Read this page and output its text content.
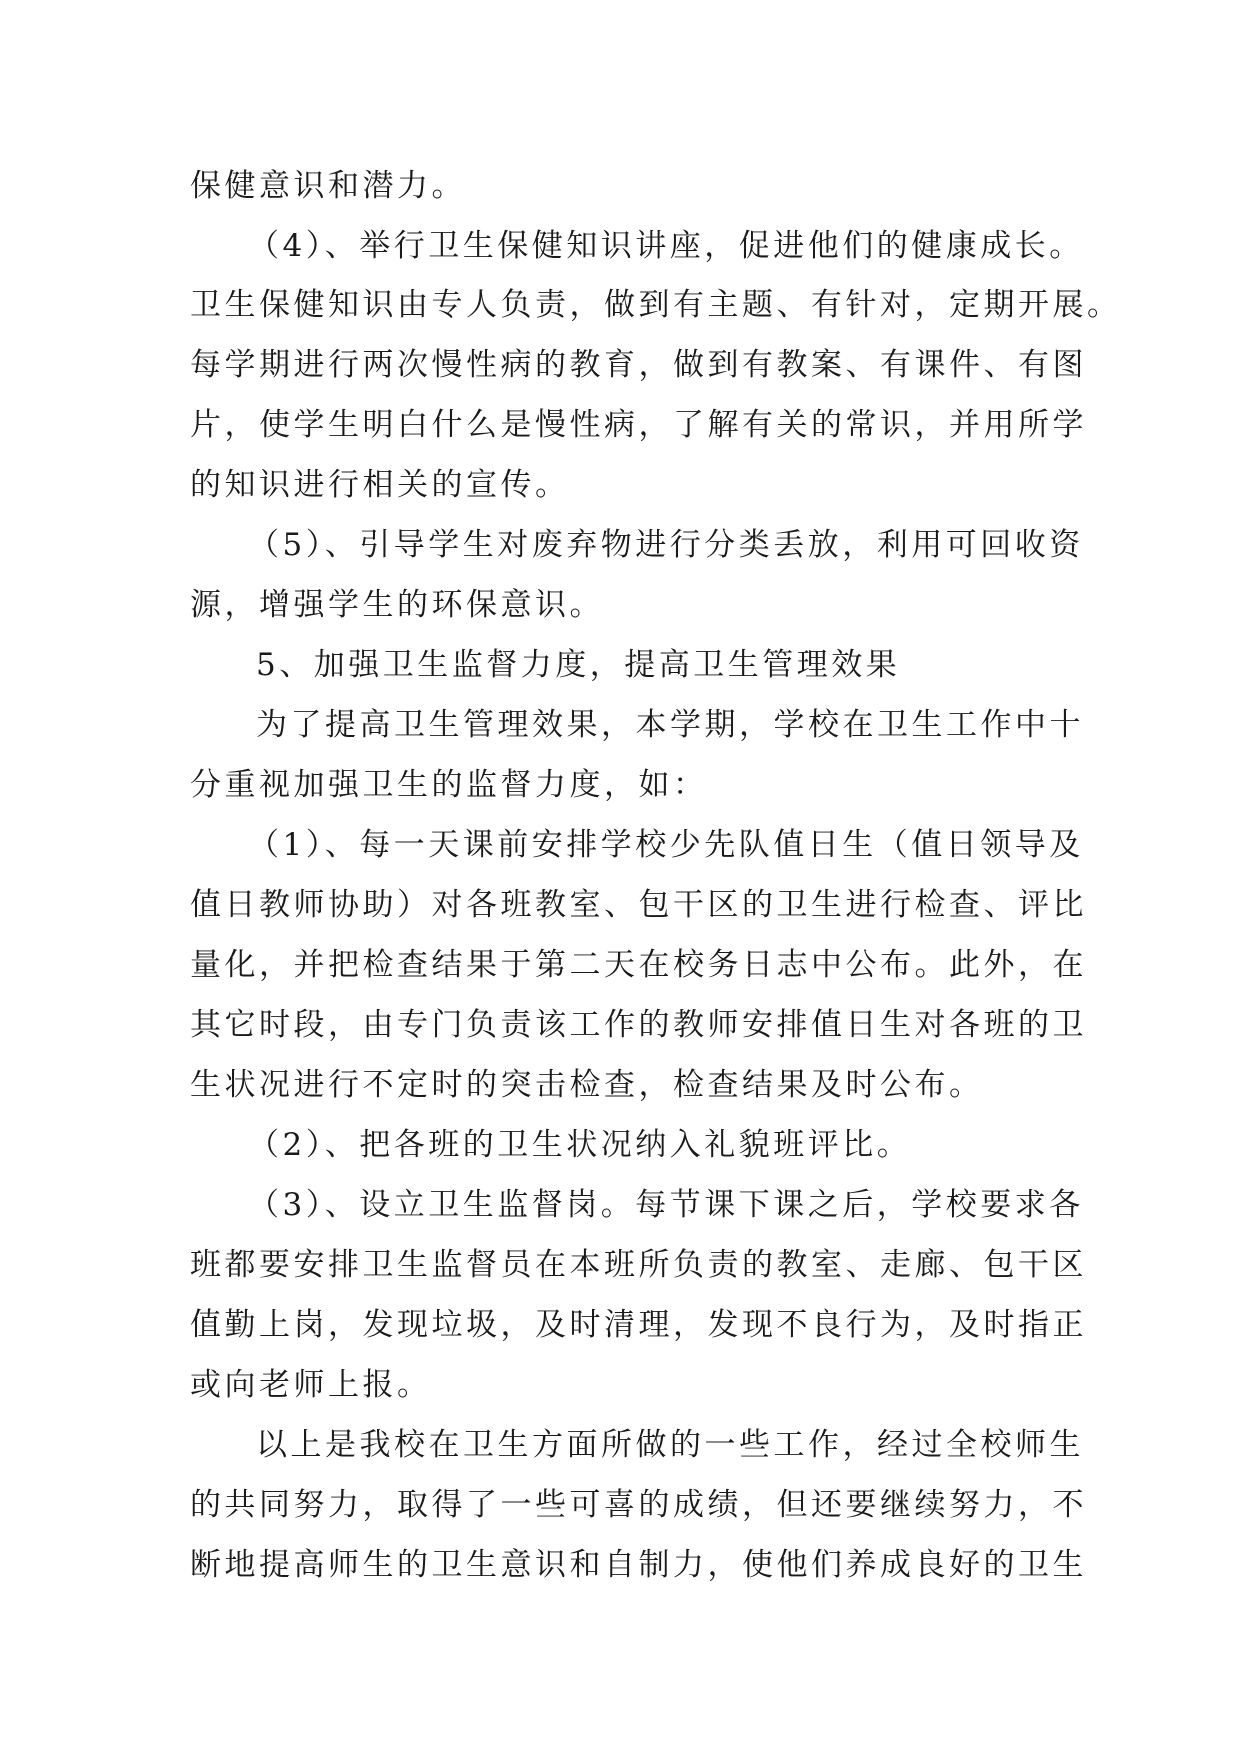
保健意识和潜力。
（4）、举行卫生保健知识讲座，促进他们的健康成长。
卫生保健知识由专人负责，做到有主题、有针对，定期开展。
每学期进行两次慢性病的教育，做到有教案、有课件、有图
片，使学生明白什么是慢性病，了解有关的常识，并用所学
的知识进行相关的宣传。
（5）、引导学生对废弃物进行分类丢放，利用可回收资
源，增强学生的环保意识。
5、加强卫生监督力度，提高卫生管理效果
为了提高卫生管理效果，本学期，学校在卫生工作中十
分重视加强卫生的监督力度，如：
（1）、每一天课前安排学校少先队值日生（值日领导及
值日教师协助）对各班教室、包干区的卫生进行检查、评比
量化，并把检查结果于第二天在校务日志中公布。此外，在
其它时段，由专门负责该工作的教师安排值日生对各班的卫
生状况进行不定时的突击检查，检查结果及时公布。
（2）、把各班的卫生状况纳入礼貌班评比。
（3）、设立卫生监督岗。每节课下课之后，学校要求各
班都要安排卫生监督员在本班所负责的教室、走廊、包干区
值勤上岗，发现垃圾，及时清理，发现不良行为，及时指正
或向老师上报。
以上是我校在卫生方面所做的一些工作，经过全校师生
的共同努力，取得了一些可喜的成绩，但还要继续努力，不
断地提高师生的卫生意识和自制力，使他们养成良好的卫生
